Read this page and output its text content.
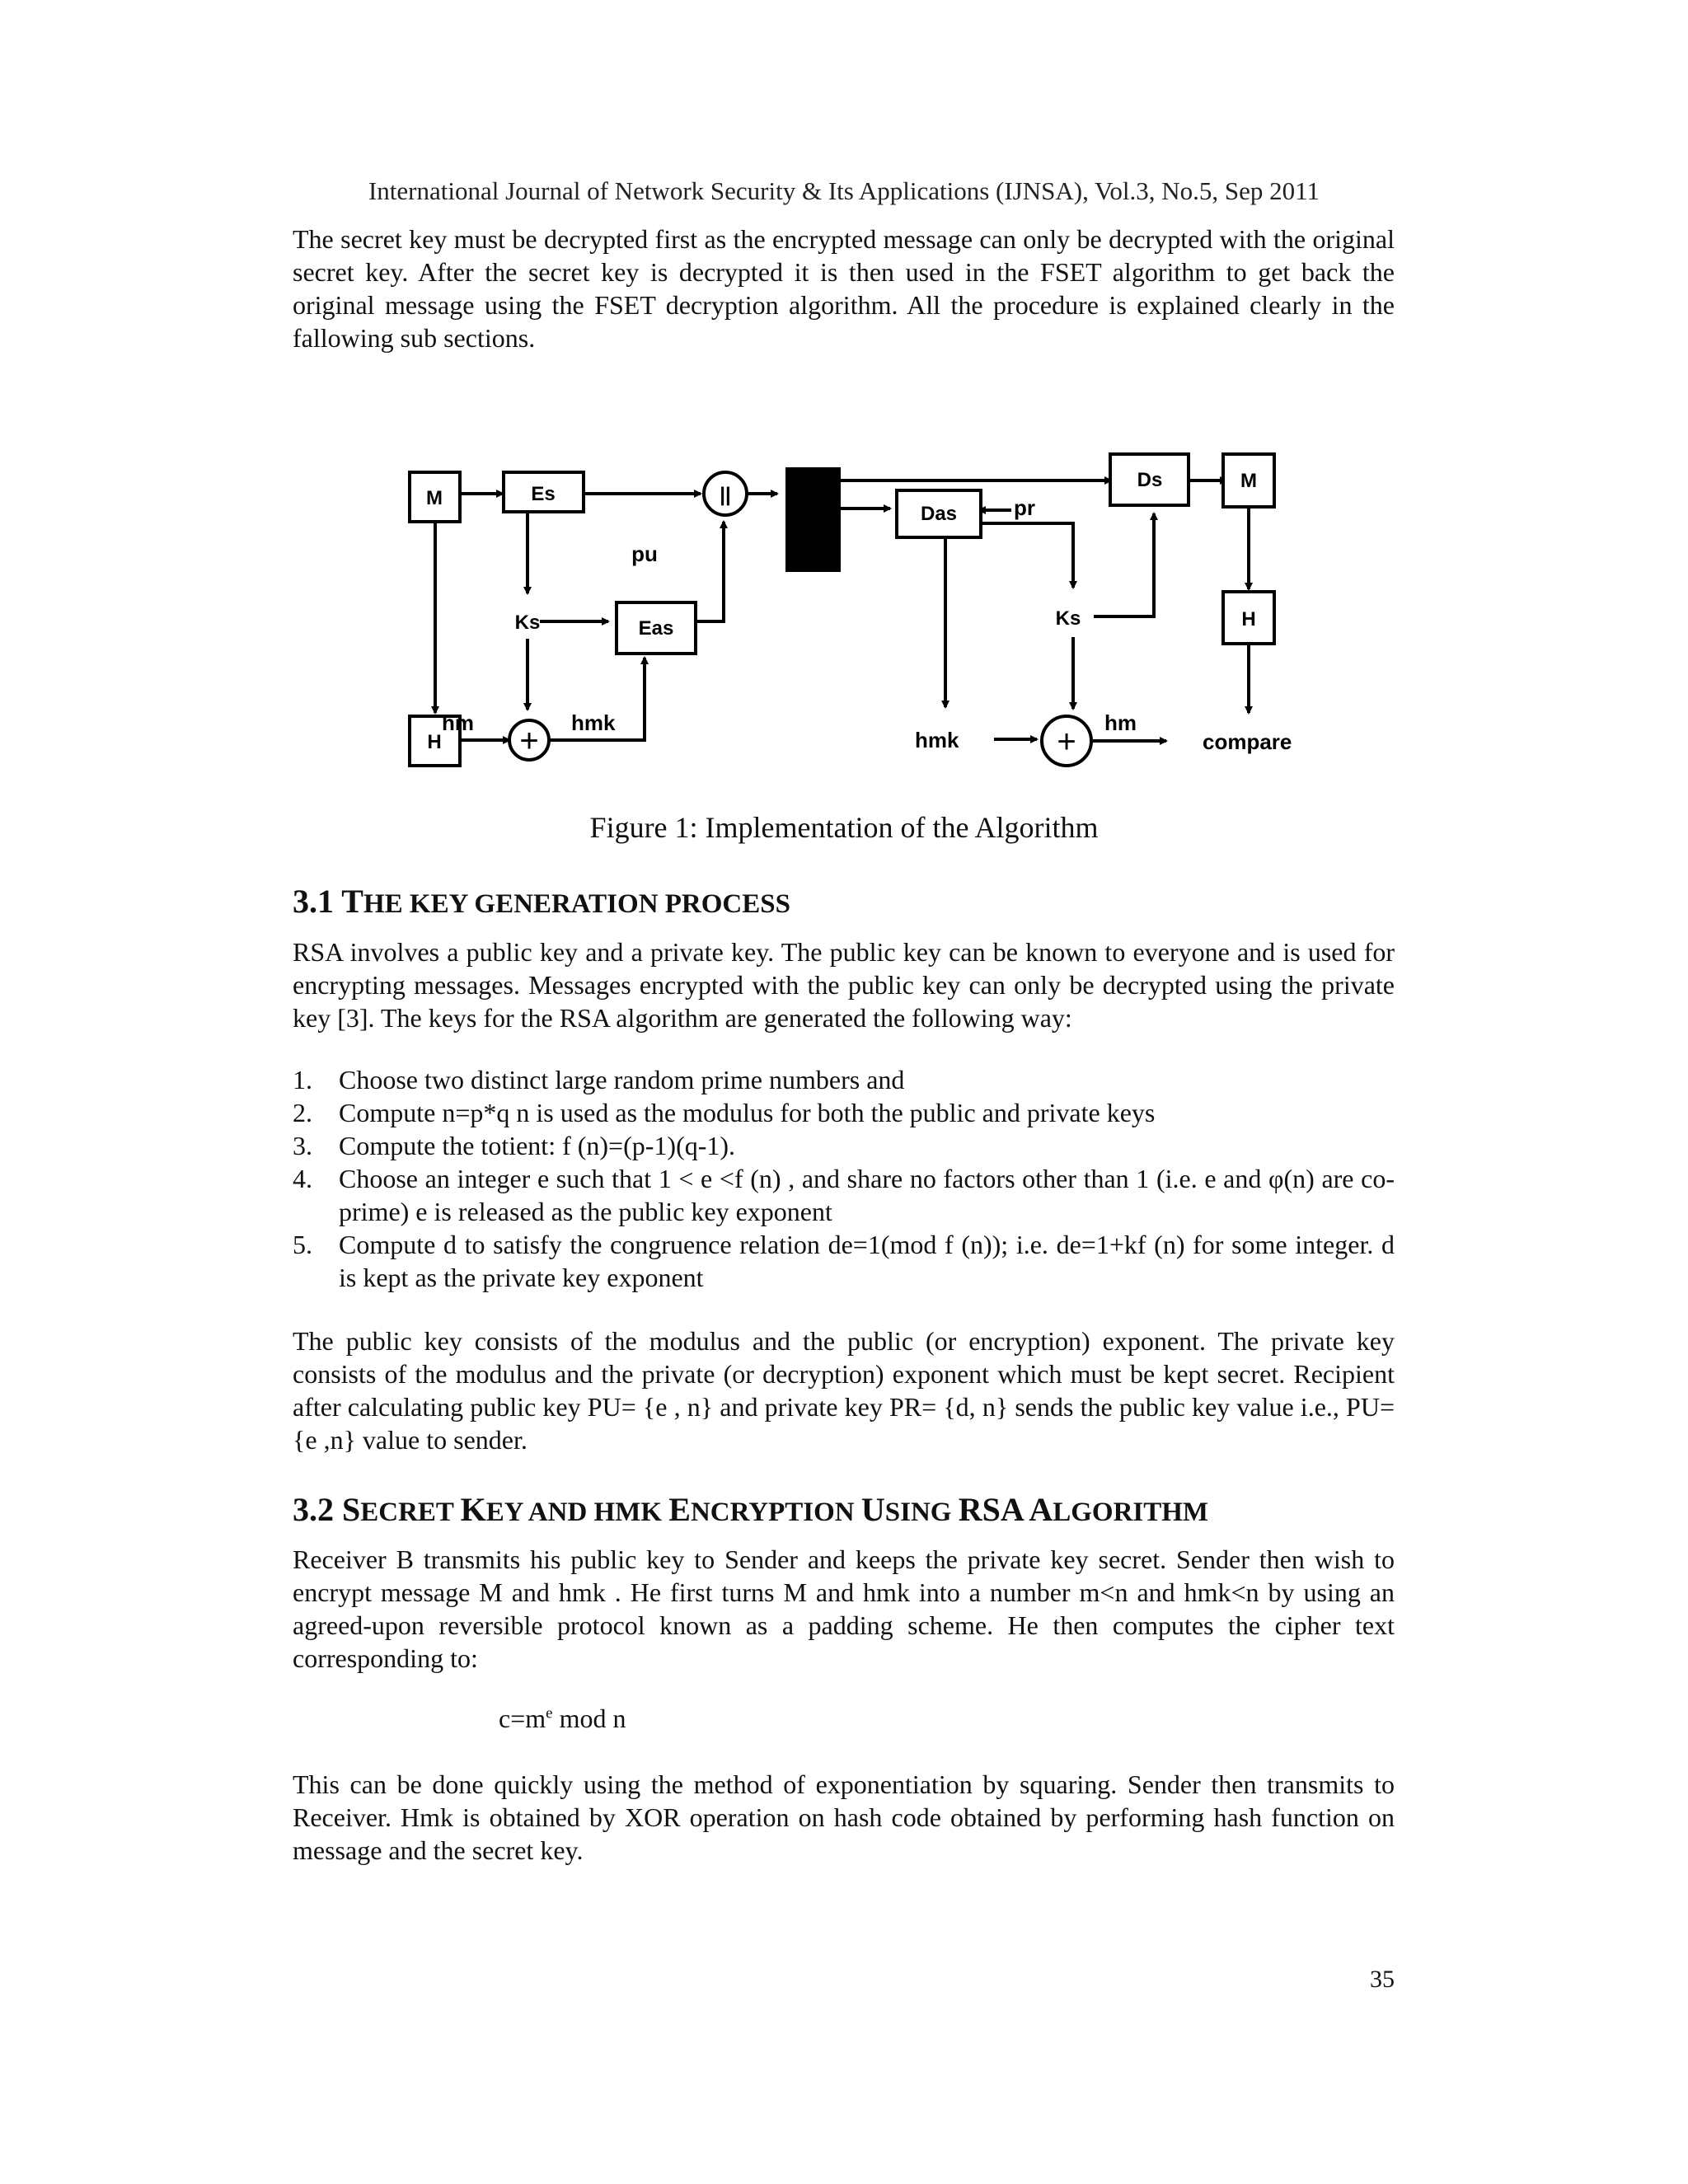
International Journal of Network Security & Its Applications (IJNSA), Vol.3, No.5, Sep 2011

The secret key must be decrypted first as the encrypted message can only be decrypted with the original secret key. After the secret key is decrypted it is then used in the FSET algorithm to get back the original message using the FSET decryption algorithm. All the procedure is explained clearly in the fallowing sub sections.

M	Es	||
Ks	Eas
H
Das
Ds	M
Ks	H
+	+
pu
pr
hm	hmk
hmk
hm
compare
Figure 1: Implementation of the Algorithm
3.1 THE KEY GENERATION PROCESS

RSA involves a public key and a private key. The public key can be known to everyone and is used for encrypting messages. Messages encrypted with the public key can only be decrypted using the private key [3]. The keys for the RSA algorithm are generated the following way:

1.	Choose two distinct large random prime numbers and
2.	Compute n=p*q n is used as the modulus for both the public and private keys
3.	Compute the totient: f (n)=(p-1)(q-1).
4.	Choose an integer e such that 1 < e <f (n) , and share no factors other than 1 (i.e. e and φ(n) are co-prime) e is released as the public key exponent
5.	Compute d to satisfy the congruence relation de=1(mod f (n)); i.e. de=1+kf (n) for some integer. d is kept as the private key exponent

The public key consists of the modulus and the public (or encryption) exponent. The private key consists of the modulus and the private (or decryption) exponent which must be kept secret. Recipient after calculating public key PU= {e , n} and private key PR= {d, n} sends the public key value i.e., PU= {e ,n} value to sender.

3.2 SECRET KEY AND HMK ENCRYPTION USING RSA ALGORITHM

Receiver B transmits his public key to Sender and keeps the private key secret. Sender then wish to encrypt message M and hmk . He first turns M and hmk into a number m<n and hmk<n by using an agreed-upon reversible protocol known as a padding scheme. He then computes the cipher text corresponding to:

$c=m^e$ mod n

This can be done quickly using the method of exponentiation by squaring. Sender then transmits to Receiver. Hmk is obtained by XOR operation on hash code obtained by performing hash function on message and the secret key.

35
